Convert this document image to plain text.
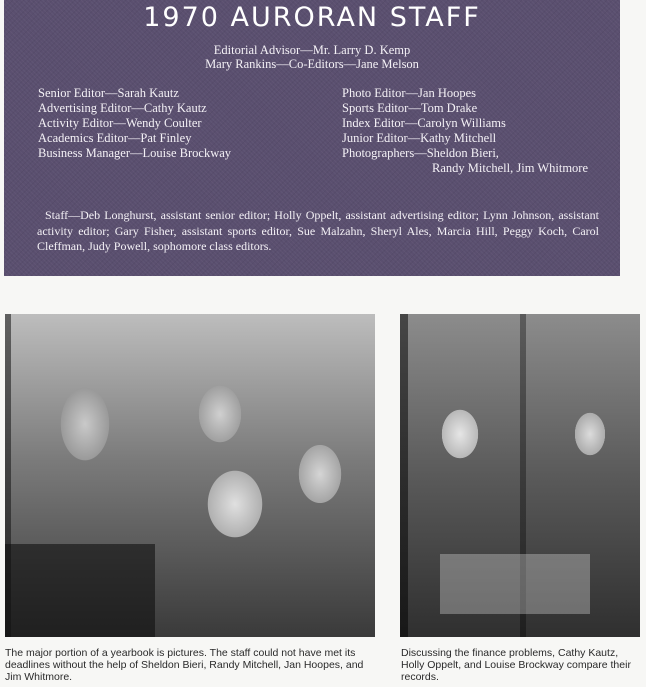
1970 AURORAN STAFF
Editorial Advisor—Mr. Larry D. Kemp
Mary Rankins—Co-Editors—Jane Melson
Senior Editor—Sarah Kautz
Advertising Editor—Cathy Kautz
Activity Editor—Wendy Coulter
Academics Editor—Pat Finley
Business Manager—Louise Brockway
Photo Editor—Jan Hoopes
Sports Editor—Tom Drake
Index Editor—Carolyn Williams
Junior Editor—Kathy Mitchell
Photographers—Sheldon Bieri,
Randy Mitchell, Jim Whitmore
Staff—Deb Longhurst, assistant senior editor; Holly Oppelt, assistant advertising editor; Lynn Johnson, assistant activity editor; Gary Fisher, assistant sports editor, Sue Malzahn, Sheryl Ales, Marcia Hill, Peggy Koch, Carol Cleffman, Judy Powell, sophomore class editors.
The major portion of a yearbook is pictures. The staff could not have met its deadlines without the help of Sheldon Bieri, Randy Mitchell, Jan Hoopes, and Jim Whitmore.
Discussing the finance problems, Cathy Kautz, Holly Oppelt, and Louise Brockway compare their records.
